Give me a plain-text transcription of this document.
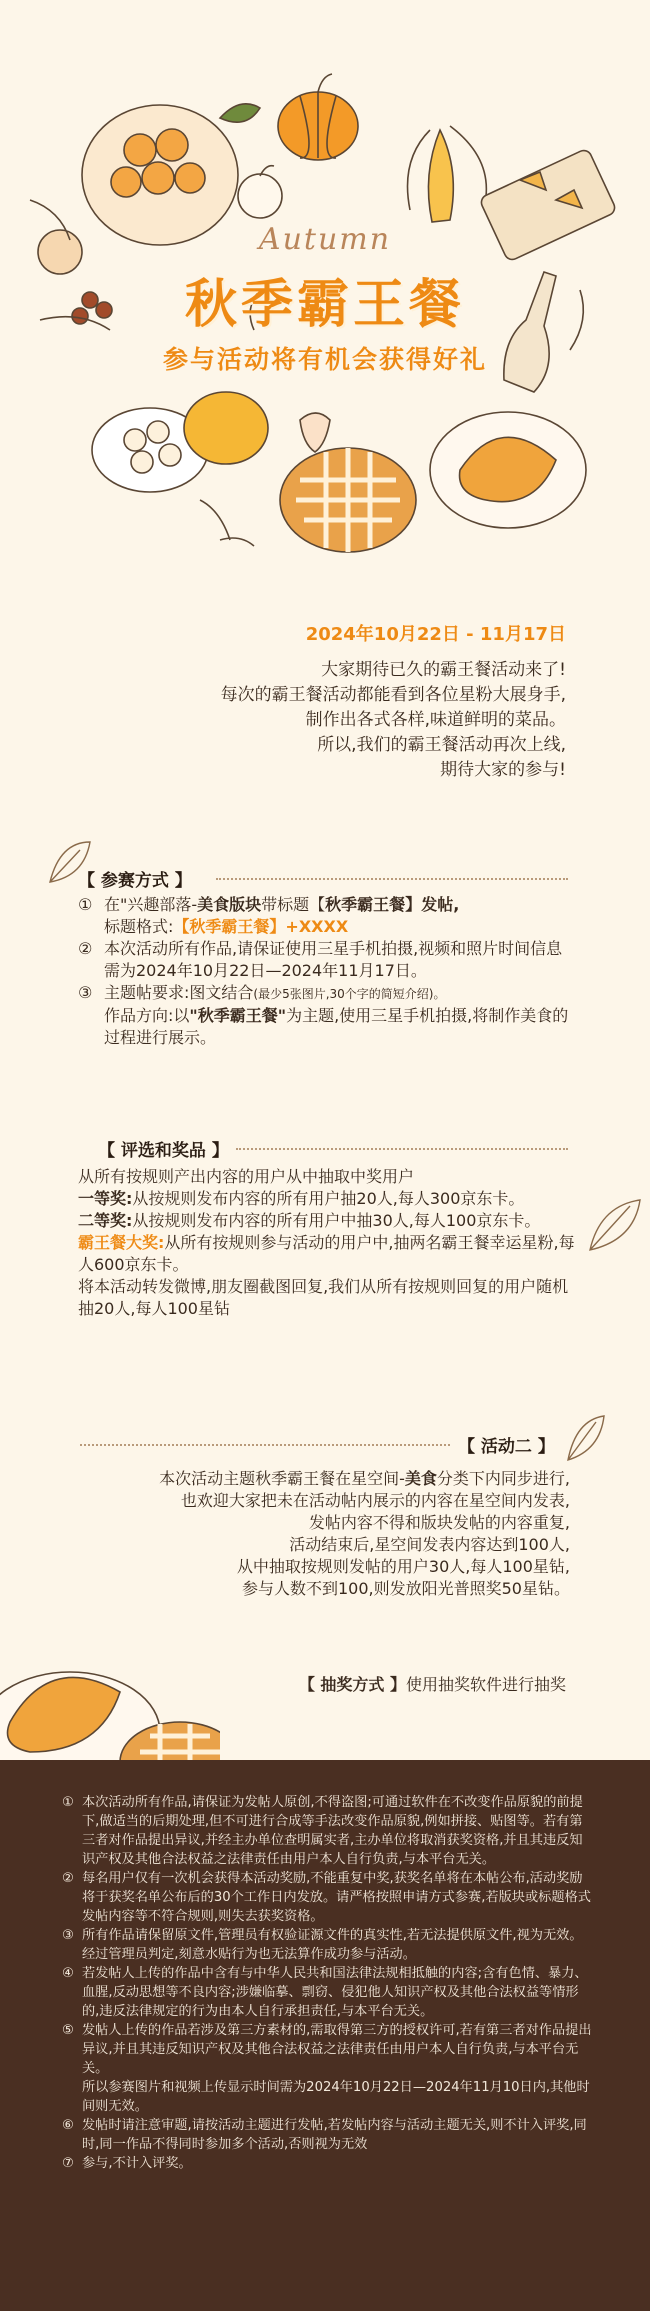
Autumn
秋季霸王餐
参与活动将有机会获得好礼
2024年10月22日 - 11月17日
大家期待已久的霸王餐活动来了!
每次的霸王餐活动都能看到各位星粉大展身手,
制作出各式各样,味道鲜明的菜品。
所以,我们的霸王餐活动再次上线,
期待大家的参与!
【 参赛方式 】
① 在"兴趣部落-美食版块带标题【秋季霸王餐】发帖,
标题格式:【秋季霸王餐】+XXXX
② 本次活动所有作品,请保证使用三星手机拍摄,视频和照片时间信息需为2024年10月22日—2024年11月17日。
③ 主题帖要求:图文结合(最少5张图片,30个字的简短介绍)。
作品方向:以"秋季霸王餐"为主题,使用三星手机拍摄,将制作美食的过程进行展示。
【 评选和奖品 】
从所有按规则产出内容的用户从中抽取中奖用户
一等奖:从按规则发布内容的所有用户抽20人,每人300京东卡。
二等奖:从按规则发布内容的所有用户中抽30人,每人100京东卡。
霸王餐大奖:从所有按规则参与活动的用户中,抽两名霸王餐幸运星粉,每人600京东卡。
将本活动转发微博,朋友圈截图回复,我们从所有按规则回复的用户随机抽20人,每人100星钻
【 活动二 】
本次活动主题秋季霸王餐在星空间-美食分类下内同步进行,
也欢迎大家把未在活动帖内展示的内容在星空间内发表,
发帖内容不得和版块发帖的内容重复,
活动结束后,星空间发表内容达到100人,
从中抽取按规则发帖的用户30人,每人100星钻,
参与人数不到100,则发放阳光普照奖50星钻。
【 抽奖方式 】使用抽奖软件进行抽奖
① 本次活动所有作品,请保证为发帖人原创,不得盗图;可通过软件在不改变作品原貌的前提下,做适当的后期处理,但不可进行合成等手法改变作品原貌,例如拼接、贴图等。若有第三者对作品提出异议,并经主办单位查明属实者,主办单位将取消获奖资格,并且其违反知识产权及其他合法权益之法律责任由用户本人自行负责,与本平台无关。
② 每名用户仅有一次机会获得本活动奖励,不能重复中奖,获奖名单将在本帖公布,活动奖励将于获奖名单公布后的30个工作日内发放。请严格按照申请方式参赛,若版块或标题格式发帖内容等不符合规则,则失去获奖资格。
③ 所有作品请保留原文件,管理员有权验证源文件的真实性,若无法提供原文件,视为无效。经过管理员判定,刻意水贴行为也无法算作成功参与活动。
④ 若发帖人上传的作品中含有与中华人民共和国法律法规相抵触的内容;含有色情、暴力、血腥,反动思想等不良内容;涉嫌临摹、剽窃、侵犯他人知识产权及其他合法权益等情形的,违反法律规定的行为由本人自行承担责任,与本平台无关。
⑤ 发帖人上传的作品若涉及第三方素材的,需取得第三方的授权许可,若有第三者对作品提出异议,并且其违反知识产权及其他合法权益之法律责任由用户本人自行负责,与本平台无关。
所以参赛图片和视频上传显示时间需为2024年10月22日—2024年11月10日内,其他时间则无效。
⑥ 发帖时请注意审题,请按活动主题进行发帖,若发帖内容与活动主题无关,则不计入评奖,同时,同一作品不得同时参加多个活动,否则视为无效
⑦ 参与,不计入评奖。
